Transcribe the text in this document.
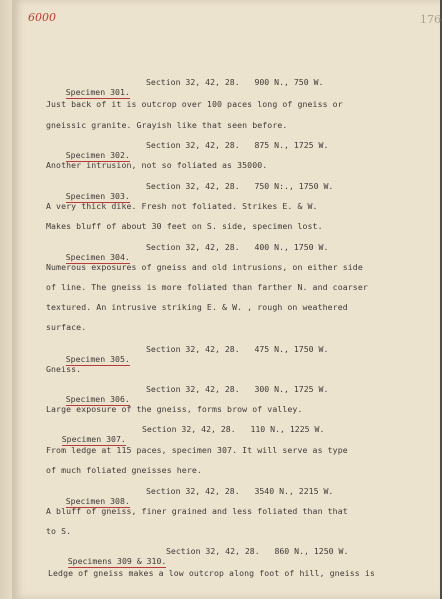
6000	176

Specimen 301.

Section 32, 42, 28.   900 N., 750 W.

Just back of it is outcrop over 100 paces long of gneiss or
gneissic granite. Grayish like that seen before.

Specimen 302.

Section 32, 42, 28.   875 N., 1725 W.

Another intrusion, not so foliated as 35000.

Specimen 303.

Section 32, 42, 28.   750 N:., 1750 W.

A very thick dike. Fresh not foliated. Strikes E. & W.
Makes bluff of about 30 feet on S. side, specimen lost.

Specimen 304.

Section 32, 42, 28.   400 N., 1750 W.

Numerous exposures of gneiss and old intrusions, on either side
of line. The gneiss is more foliated than farther N. and coarser
textured. An intrusive striking E. & W. , rough on weathered
surface.

Specimen 305.

Section 32, 42, 28.   475 N., 1750 W.

Gneiss.

Specimen 306.

Section 32, 42, 28.   300 N., 1725 W.

Large exposure of the gneiss, forms brow of valley.

Specimen 307.

Section 32, 42, 28.   110 N., 1225 W.

From ledge at 115 paces, specimen 307. It will serve as type
of much foliated gneisses here.

Specimen 308.

Section 32, 42, 28.   3540 N., 2215 W.

A bluff of gneiss, finer grained and less foliated than that
to S.

Specimens 309 & 310.

Section 32, 42, 28.   860 N., 1250 W.

Ledge of gneiss makes a low outcrop along foot of hill, gneiss is
